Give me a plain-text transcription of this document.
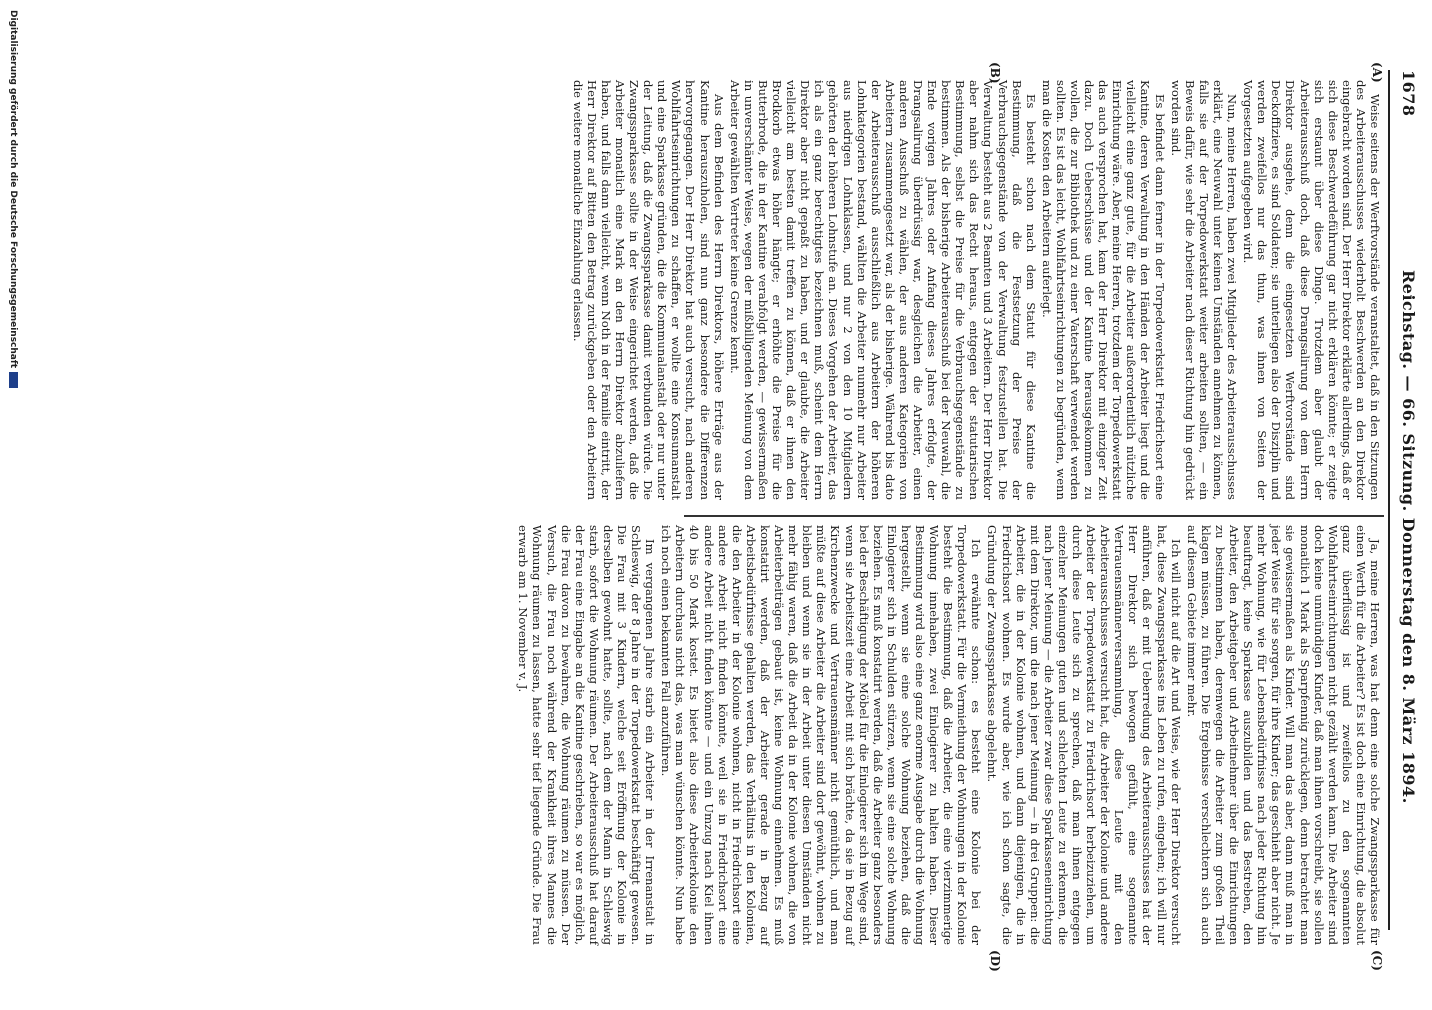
1678
Reichstag. — 66. Sitzung. Donnerstag den 8. März 1894.
(A)
(B)
(C)
(D)

Weise seitens der Werftvorstände veranstaltet, daß in den Sitzungen des Arbeiterausschusses wiederholt Beschwerden an den Direktor eingebracht worden sind. Der Herr Direktor erklärte allerdings, daß er sich diese Beschwerdeführung gar nicht erklären könnte; er zeigte sich erstaunt über diese Dinge. Trotzdem aber glaubt der Arbeiterausschuß doch, daß diese Drangsalirung von dem Herrn Direktor ausgehe, denn die eingesetzten Werftvorstände sind Deckoffiziere, es sind Soldaten; sie unterliegen also der Disziplin und werden zweifellos nur das thun, was ihnen von Seiten der Vorgesetzten aufgegeben wird.

Nun, meine Herren, haben zwei Mitglieder des Arbeiterausschusses erklärt, eine Neuwahl unter keinen Umständen annehmen zu können, falls sie auf der Torpedowerkstatt weiter arbeiten sollten, — ein Beweis dafür, wie sehr die Arbeiter nach dieser Richtung hin gedrückt worden sind.

Es befindet dann ferner in der Torpedowerkstatt Friedrichsort eine Kantine, deren Verwaltung in den Händen der Arbeiter liegt und die vielleicht eine ganz gute, für die Arbeiter außerordentlich nützliche Einrichtung wäre. Aber, meine Herren, trotzdem der Torpedowerkstatt das auch versprochen hat, kam der Herr Direktor mit einziger Zeit dazu. Doch Ueberschüsse und der Kantine herausgekommen zu wollen, die zur Bibliothek und zu einer Vaterschaft verwendet werden sollten. Es ist das leicht, Wohlfahrtseinrichtungen zu begründen, wenn man die Kosten den Arbeitern auferlegt.

Es besteht schon nach dem Statut für diese Kantine die Bestimmung, daß die Festsetzung der Preise der Verbrauchsgegenstände von der Verwaltung festzustellen hat. Die Verwaltung besteht aus 2 Beamten und 3 Arbeitern. Der Herr Direktor aber nahm sich das Recht heraus, entgegen der statutarischen Bestimmung, selbst die Preise für die Verbrauchsgegenstände zu bestimmen. Als der bisherige Arbeiterausschuß bei der Neuwahl, die Ende vorigen Jahres oder Anfang dieses Jahres erfolgte, der Drangsalirung überdrüssig war, desgleichen die Arbeiter, einen anderen Ausschuß zu wählen, der aus anderen Kategorien von Arbeitern zusammengesetzt war, als der bisherige. Während bis dato der Arbeiterausschuß ausschließlich aus Arbeitern der höheren Lohnkategorien bestand, wählten die Arbeiter nunmehr nur Arbeiter aus niedrigen Lohnklassen, und nur 2 von den 10 Mitgliedern gehörten der höheren Lohnstufe an. Dieses Vorgehen der Arbeiter, das ich als ein ganz berechtigtes bezeichnen muß, scheint dem Herrn Direktor aber nicht gepaßt zu haben, und er glaubte, die Arbeiter vielleicht am besten damit treffen zu können, daß er ihnen den Brodkorb etwas höher hängte; er erhöhte die Preise für die Butterbrode, die in der Kantine verabfolgt werden, — gewissermaßen in unverschämter Weise, wegen der mißbilligenden Meinung von dem Arbeiter gewählten Vertreter keine Grenze kennt.

Aus dem Befinden des Herrn Direktors, höhere Erträge aus der Kantine herauszuholen, sind nun ganz besondere die Differenzen hervorgegangen. Der Herr Direktor hat auch versucht, nach anderen Wohlfahrtseinrichtungen zu schaffen, er wollte eine Konsumanstalt und eine Sparkasse gründen, die die Kommunalanstalt oder nur unter der Leitung, daß die Zwangssparkasse damit verbunden würde. Die Zwangssparkasse sollte in der Weise eingerichtet werden, daß die Arbeiter monatlich eine Mark an den Herrn Direktor abzuliefern haben, und falls dann vielleicht, wenn Noth in der Familie eintritt, der Herr Direktor auf Bitten den Betrag zurückgeben oder den Arbeitern die weitere monatliche Einzahlung erlassen.

Ja, meine Herren, was hat denn eine solche Zwangssparkasse für einen Werth für die Arbeiter? Es ist doch eine Einrichtung, die absolut ganz überflüssig ist und zweifellos zu den sogenannten Wohlfahrtseinrichtungen nicht gezählt werden kann. Die Arbeiter sind doch keine unmündigen Kinder, daß man ihnen vorschreibt, sie sollen monatlich 1 Mark als Sparpfennig zurücklegen, denn betrachtet man sie gewissermaßen als Kinder. Will man das aber, dann muß man in jeder Weise für sie sorgen, für ihre Kinder; das geschieht aber nicht. Je mehr Wohnung, wie für Lebensbedürfnisse nach jeder Richtung hin beauftragt, keine Sparkasse auszubilden und das Bestreben, den Arbeiter, den Arbeitgeber und Arbeitnehmer über die Einrichtungen zu bestimmen haben, derenwegen die Arbeiter zum großen Theil klagen müssen, zu führen. Die Ergebnisse verschlechtern sich auch auf diesem Gebiete immer mehr.

Ich will nicht auf die Art und Weise, wie der Herr Direktor versucht hat, diese Zwangssparkasse ins Leben zu rufen, eingehen; ich will nur anführen, daß er mit Ueberredung des Arbeiterausschusses hat der Herr Direktor sich bewogen gefühlt, eine sogenannte Vertrauensmännerversammlung, diese Leute mit den Arbeiterausschusses versucht hat, die Arbeiter der Kolonie und andere Arbeiter der Torpedowerkstatt zu Friedrichsort herbeizuziehen, um durch diese Leute sich zu sprechen, daß man ihnen entgegen einzelner Meinungen guten und schlechten Leute zu erkennen, die nach jener Meinung — die Arbeiter zwar diese Sparkasseneinrichtung mit dem Direktor, um die nach jener Meinung — in drei Gruppen: die Arbeiter, die in der Kolonie wohnen, und dann diejenigen, die in Friedrichsort wohnen. Es wurde aber, wie ich schon sagte, die Gründung der Zwangssparkasse abgelehnt.

Ich erwähnte schon: es besteht eine Kolonie bei der Torpedowerkstatt. Für die Vermiethung der Wohnungen in der Kolonie besteht die Bestimmung, daß die Arbeiter, die eine vierzimmerige Wohnung innehaben, zwei Einlogierer zu halten haben. Dieser Bestimmung wird also eine ganz enorme Ausgabe durch die Wohnung hergestellt, wenn sie eine solche Wohnung beziehen, daß die Einlogierer sich in Schulden stürzen, wenn sie eine solche Wohnung beziehen. Es muß konstatirt werden, daß die Arbeiter ganz besonders bei der Beschäftigung der Möbel für die Einlogierer sich im Wege sind, wenn sie Arbeitszeit eine Arbeit mit sich brächte, da sie in Bezug auf Kirchenzwecke und Vertrauensmänner nicht gemüthlich, und man müßte auf diese Arbeiter die Arbeiter sind dort gewöhnt, wohnen zu bleiben und wenn sie in der Arbeit unter diesen Umständen nicht mehr fähig waren, daß die Arbeit da in der Kolonie wohnen, die von Arbeiterbeiträgen gebaut ist, keine Wohnung einnehmen. Es muß konstatirt werden, daß der Arbeiter gerade in Bezug auf Arbeitsbedürfnisse gehalten werden, das Verhältnis in den Kolonien, die den Arbeiter in der Kolonie wohnen, nicht in Friedrichsort eine andere Arbeit nicht finden könnte, weil sie in Friedrichsort eine andere Arbeit nicht finden könnte — und ein Umzug nach Kiel ihnen 40 bis 50 Mark kostet. Es bietet also diese Arbeiterkolonie den Arbeitern durchaus nicht das, was man wünschen könnte. Nun habe ich noch einen bekannten Fall anzuführen.

Im vergangenen Jahre starb ein Arbeiter in der Irrenanstalt in Schleswig, der 8 Jahre in der Torpedowerkstatt beschäftigt gewesen. Die Frau mit 3 Kindern, welche seit Eröffnung der Kolonie in derselben gewohnt hatte, sollte, nach dem der Mann in Schleswig starb, sofort die Wohnung räumen. Der Arbeiterausschuß hat darauf der Frau eine Eingabe an die Kantine geschrieben, so war es möglich, die Frau davon zu bewahren, die Wohnung räumen zu müssen. Der Versuch, die Frau noch während der Krankheit ihres Mannes die Wohnung räumen zu lassen, hatte sehr tief liegende Gründe. Die Frau erwarb am 1. November v. J.

Digitalisierung gefördert durch die Deutsche Forschungsgemeinschaft
